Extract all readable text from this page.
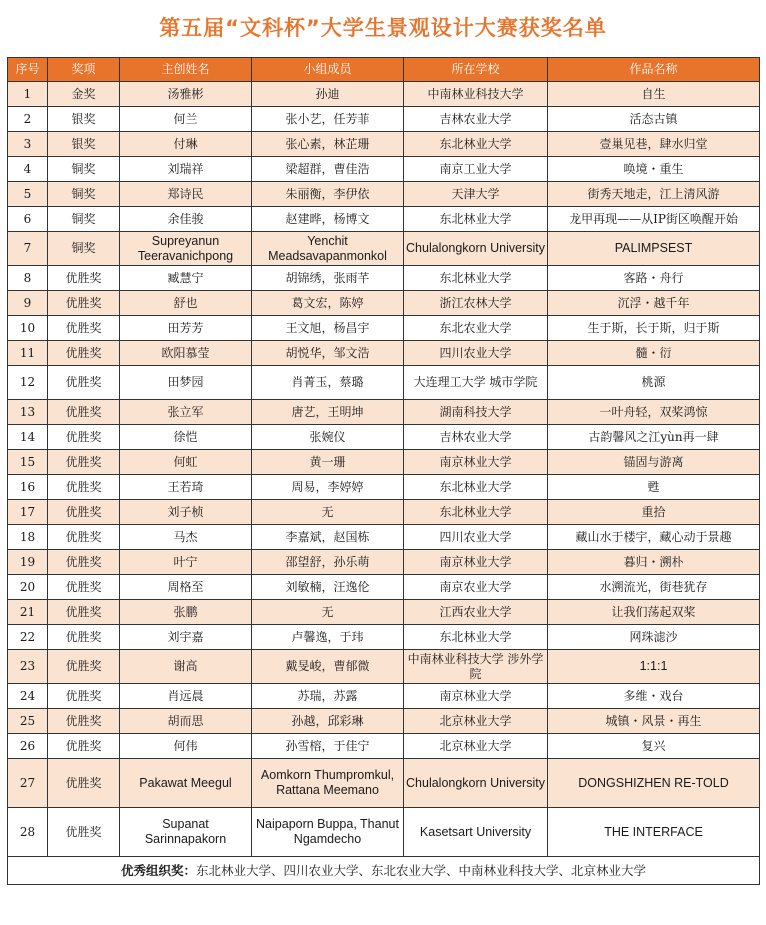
第五届“文科杯”大学生景观设计大赛获奖名单
序号	奖项	主创姓名	小组成员	所在学校	作品名称
1	金奖	汤雅彬	孙迪	中南林业科技大学	自生
2	银奖	何兰	张小艺，任芳菲	吉林农业大学	活态古镇
3	银奖	付琳	张心素，林芷珊	东北林业大学	壹巢见巷，肆水归堂
4	铜奖	刘瑞祥	梁超群，曹佳浩	南京工业大学	唤境・重生
5	铜奖	郑诗民	朱丽衡，李伊依	天津大学	街秀天地走，江上清风游
6	铜奖	余佳骏	赵建晔，杨博文	东北林业大学	龙甲再现——从IP街区唤醒开始
7	铜奖	Supreyanun Teeravanichpong	Yenchit Meadsavapanmonkol	Chulalongkorn University	PALIMPSEST
8	优胜奖	臧慧宁	胡锦绣，张雨芊	东北林业大学	客路・舟行
9	优胜奖	舒也	葛文宏，陈婷	浙江农林大学	沉浮・越千年
10	优胜奖	田芳芳	王文旭，杨昌宇	东北农业大学	生于斯，长于斯，归于斯
11	优胜奖	欧阳慕莹	胡悦华，邹文浩	四川农业大学	髓・衍
12	优胜奖	田梦园	肖菁玉，蔡璐	大连理工大学 城市学院	桃源
13	优胜奖	张立军	唐艺，王明坤	湖南科技大学	一叶舟轻，双桨鸿惊
14	优胜奖	徐恺	张婉仪	吉林农业大学	古韵馨风之江yùn再一肆
15	优胜奖	何虹	黄一珊	南京林业大学	锚固与游离
16	优胜奖	王若琦	周易，李婷婷	东北林业大学	甦
17	优胜奖	刘子桢	无	东北林业大学	重拾
18	优胜奖	马杰	李嘉斌，赵国栋	四川农业大学	藏山水于楼宇，藏心动于景趣
19	优胜奖	叶宁	邵望舒，孙乐萌	南京林业大学	暮归・溯朴
20	优胜奖	周格至	刘敏楠，汪逸伦	南京农业大学	水溯流光，街巷犹存
21	优胜奖	张鹏	无	江西农业大学	让我们荡起双桨
22	优胜奖	刘宇嘉	卢馨逸，于玮	东北林业大学	网珠滤沙
23	优胜奖	谢高	戴旻峻，曹郁微	中南林业科技大学 涉外学院	1:1:1
24	优胜奖	肖远晨	苏瑞，苏露	南京林业大学	多维・戏台
25	优胜奖	胡而思	孙越，邱彩琳	北京林业大学	城镇・风景・再生
26	优胜奖	何伟	孙雪榕，于佳宁	北京林业大学	复兴
27	优胜奖	Pakawat Meegul	Aomkorn Thumpromkul, Rattana Meemano	Chulalongkorn University	DONGSHIZHEN RE-TOLD
28	优胜奖	Supanat Sarinnapakorn	Naipaporn Buppa, Thanut Ngamdecho	Kasetsart University	THE INTERFACE
优秀组织奖：东北林业大学、四川农业大学、东北农业大学、中南林业科技大学、北京林业大学					
